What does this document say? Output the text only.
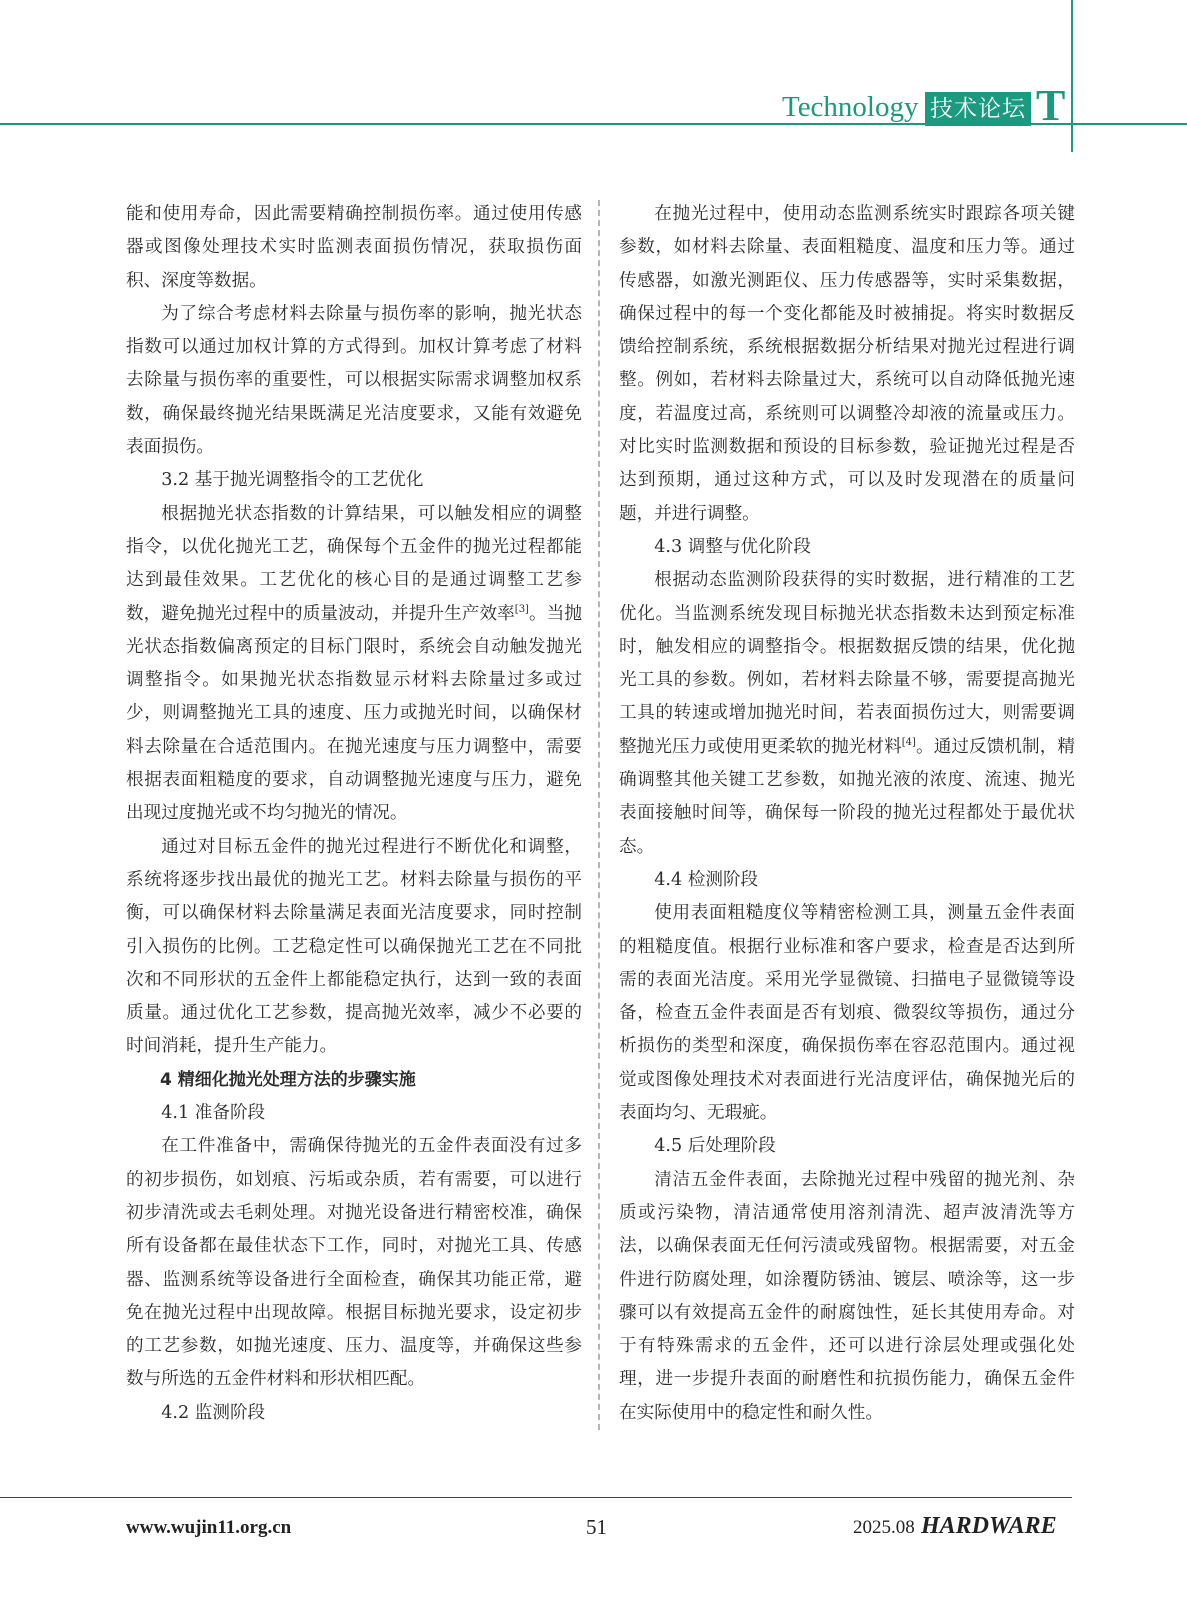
Technology 技术论坛 T

能和使用寿命，因此需要精确控制损伤率。通过使用传感器或图像处理技术实时监测表面损伤情况，获取损伤面积、深度等数据。

为了综合考虑材料去除量与损伤率的影响，抛光状态指数可以通过加权计算的方式得到。加权计算考虑了材料去除量与损伤率的重要性，可以根据实际需求调整加权系数，确保最终抛光结果既满足光洁度要求，又能有效避免表面损伤。

3.2 基于抛光调整指令的工艺优化

根据抛光状态指数的计算结果，可以触发相应的调整指令，以优化抛光工艺，确保每个五金件的抛光过程都能达到最佳效果。工艺优化的核心目的是通过调整工艺参数，避免抛光过程中的质量波动，并提升生产效率[3]。当抛光状态指数偏离预定的目标门限时，系统会自动触发抛光调整指令。如果抛光状态指数显示材料去除量过多或过少，则调整抛光工具的速度、压力或抛光时间，以确保材料去除量在合适范围内。在抛光速度与压力调整中，需要根据表面粗糙度的要求，自动调整抛光速度与压力，避免出现过度抛光或不均匀抛光的情况。

通过对目标五金件的抛光过程进行不断优化和调整，系统将逐步找出最优的抛光工艺。材料去除量与损伤的平衡，可以确保材料去除量满足表面光洁度要求，同时控制引入损伤的比例。工艺稳定性可以确保抛光工艺在不同批次和不同形状的五金件上都能稳定执行，达到一致的表面质量。通过优化工艺参数，提高抛光效率，减少不必要的时间消耗，提升生产能力。

4 精细化抛光处理方法的步骤实施

4.1 准备阶段

在工件准备中，需确保待抛光的五金件表面没有过多的初步损伤，如划痕、污垢或杂质，若有需要，可以进行初步清洗或去毛刺处理。对抛光设备进行精密校准，确保所有设备都在最佳状态下工作，同时，对抛光工具、传感器、监测系统等设备进行全面检查，确保其功能正常，避免在抛光过程中出现故障。根据目标抛光要求，设定初步的工艺参数，如抛光速度、压力、温度等，并确保这些参数与所选的五金件材料和形状相匹配。

4.2 监测阶段

在抛光过程中，使用动态监测系统实时跟踪各项关键参数，如材料去除量、表面粗糙度、温度和压力等。通过传感器，如激光测距仪、压力传感器等，实时采集数据，确保过程中的每一个变化都能及时被捕捉。将实时数据反馈给控制系统，系统根据数据分析结果对抛光过程进行调整。例如，若材料去除量过大，系统可以自动降低抛光速度，若温度过高，系统则可以调整冷却液的流量或压力。对比实时监测数据和预设的目标参数，验证抛光过程是否达到预期，通过这种方式，可以及时发现潜在的质量问题，并进行调整。

4.3 调整与优化阶段

根据动态监测阶段获得的实时数据，进行精准的工艺优化。当监测系统发现目标抛光状态指数未达到预定标准时，触发相应的调整指令。根据数据反馈的结果，优化抛光工具的参数。例如，若材料去除量不够，需要提高抛光工具的转速或增加抛光时间，若表面损伤过大，则需要调整抛光压力或使用更柔软的抛光材料[4]。通过反馈机制，精确调整其他关键工艺参数，如抛光液的浓度、流速、抛光表面接触时间等，确保每一阶段的抛光过程都处于最优状态。

4.4 检测阶段

使用表面粗糙度仪等精密检测工具，测量五金件表面的粗糙度值。根据行业标准和客户要求，检查是否达到所需的表面光洁度。采用光学显微镜、扫描电子显微镜等设备，检查五金件表面是否有划痕、微裂纹等损伤，通过分析损伤的类型和深度，确保损伤率在容忍范围内。通过视觉或图像处理技术对表面进行光洁度评估，确保抛光后的表面均匀、无瑕疵。

4.5 后处理阶段

清洁五金件表面，去除抛光过程中残留的抛光剂、杂质或污染物，清洁通常使用溶剂清洗、超声波清洗等方法，以确保表面无任何污渍或残留物。根据需要，对五金件进行防腐处理，如涂覆防锈油、镀层、喷涂等，这一步骤可以有效提高五金件的耐腐蚀性，延长其使用寿命。对于有特殊需求的五金件，还可以进行涂层处理或强化处理，进一步提升表面的耐磨性和抗损伤能力，确保五金件在实际使用中的稳定性和耐久性。

www.wujin11.org.cn	51	2025.08 HARDWARE
